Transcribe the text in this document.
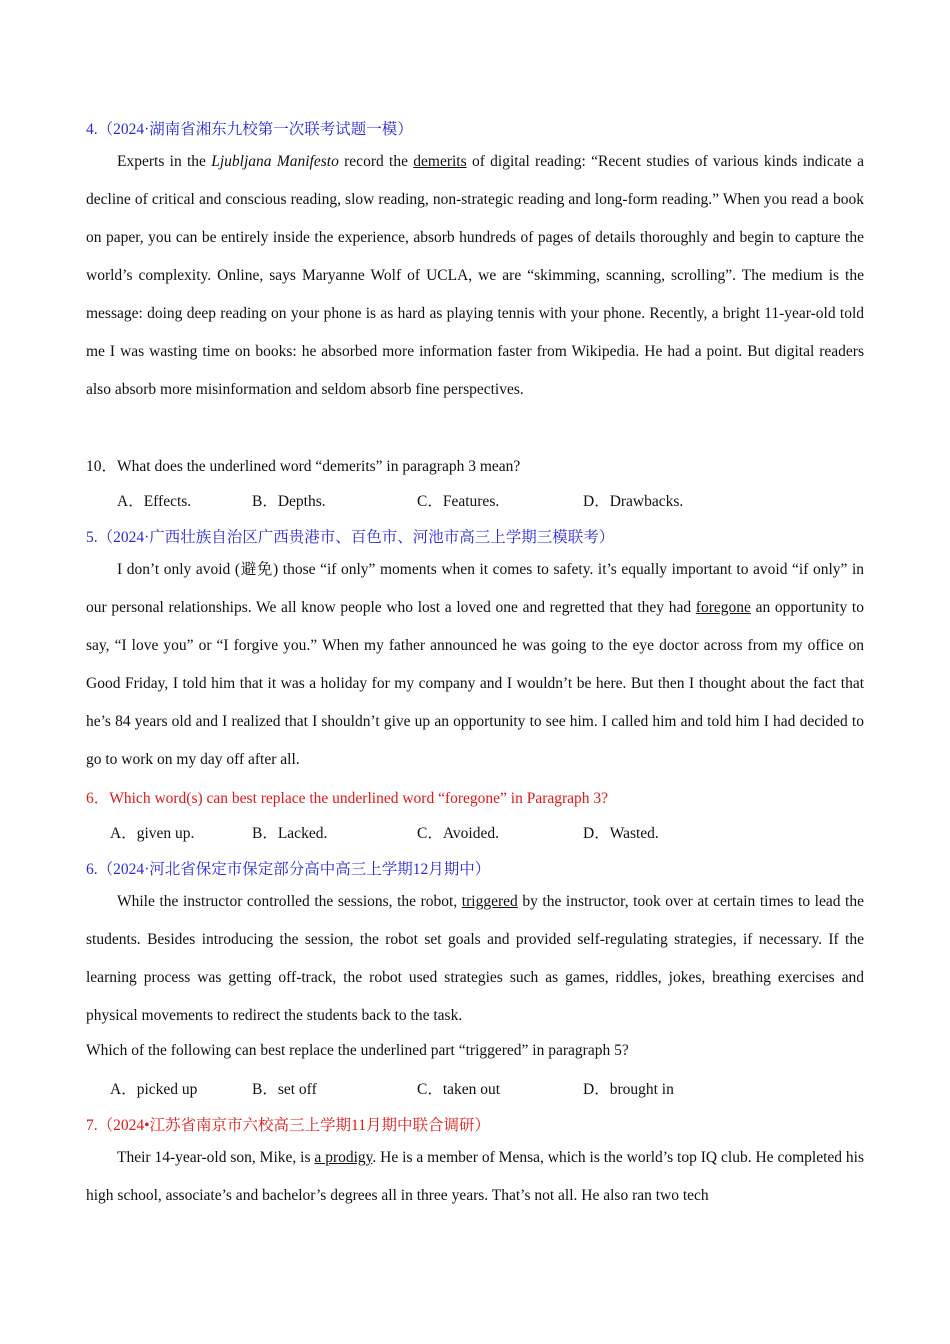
4.（2024·湖南省湘东九校第一次联考试题一模）
Experts in the Ljubljana Manifesto record the demerits of digital reading: “Recent studies of various kinds indicate a decline of critical and conscious reading, slow reading, non-strategic reading and long-form reading.” When you read a book on paper, you can be entirely inside the experience, absorb hundreds of pages of details thoroughly and begin to capture the world’s complexity. Online, says Maryanne Wolf of UCLA, we are “skimming, scanning, scrolling”. The medium is the message: doing deep reading on your phone is as hard as playing tennis with your phone. Recently, a bright 11-year-old told me I was wasting time on books: he absorbed more information faster from Wikipedia. He had a point. But digital readers also absorb more misinformation and seldom absorb fine perspectives.
10．What does the underlined word “demerits” in paragraph 3 mean?
A．Effects.	B．Depths.	C．Features.	D．Drawbacks.
5.（2024·广西壮族自治区广西贵港市、百色市、河池市高三上学期三模联考）
I don’t only avoid (避免) those “if only” moments when it comes to safety. it’s equally important to avoid “if only” in our personal relationships. We all know people who lost a loved one and regretted that they had foregone an opportunity to say, “I love you” or “I forgive you.” When my father announced he was going to the eye doctor across from my office on Good Friday, I told him that it was a holiday for my company and I wouldn’t be here. But then I thought about the fact that he’s 84 years old and I realized that I shouldn’t give up an opportunity to see him. I called him and told him I had decided to go to work on my day off after all.
6．Which word(s) can best replace the underlined word “foregone” in Paragraph 3?
A．given up.	B．Lacked.	C．Avoided.	D．Wasted.
6.（2024·河北省保定市保定部分高中高三上学期12月期中）
While the instructor controlled the sessions, the robot, triggered by the instructor, took over at certain times to lead the students. Besides introducing the session, the robot set goals and provided self-regulating strategies, if necessary. If the learning process was getting off-track, the robot used strategies such as games, riddles, jokes, breathing exercises and physical movements to redirect the students back to the task.
Which of the following can best replace the underlined part “triggered” in paragraph 5?
A．picked up	B．set off	C．taken out	D．brought in
7.（2024•江苏省南京市六校高三上学期11月期中联合调研）
Their 14-year-old son, Mike, is a prodigy. He is a member of Mensa, which is the world’s top IQ club. He completed his high school, associate’s and bachelor’s degrees all in three years. That’s not all. He also ran two tech
